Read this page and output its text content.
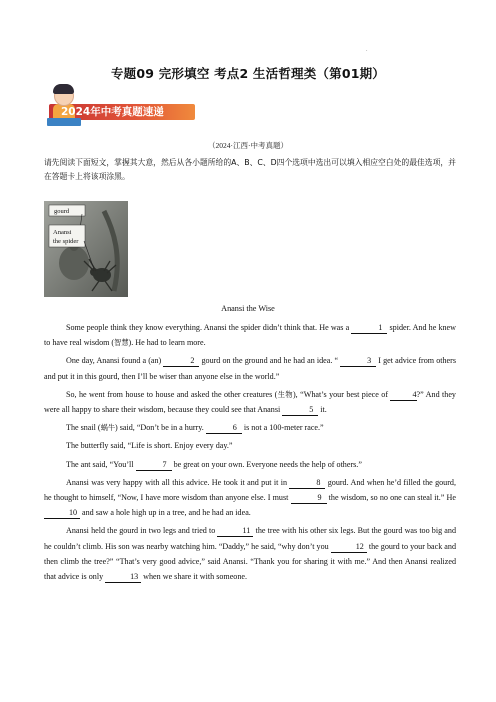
.
专题09 完形填空 考点2 生活哲理类（第01期）
2024年中考真题速递
（2024·江西·中考真题）
请先阅读下面短文，掌握其大意，然后从各小题所给的A、B、C、D四个选项中选出可以填入相应空白处的最佳选项，并在答题卡上将该项涂黑。
gourd
Anansi
the spider
Anansi the Wise

Some people think they know everything. Anansi the spider didn’t think that. He was a	1 spider. And he knew to have real wisdom (智慧). He had to learn more.

One day, Anansi found a (an)	2 gourd on the ground and he had an idea. “	3 I get advice from others and put it in this gourd, then I’ll be wiser than anyone else in the world.”

So, he went from house to house and asked the other creatures (生物), “What’s your best piece of	4?” And they were all happy to share their wisdom, because they could see that Anansi	5 it.

The snail (蜗牛) said, “Don’t be in a hurry.	6 is not a 100-meter race.”

The butterfly said, “Life is short. Enjoy every day.”

The ant said, “You’ll	7 be great on your own. Everyone needs the help of others.”

Anansi was very happy with all this advice. He took it and put it in	8 gourd. And when he’d filled the gourd, he thought to himself, “Now, I have more wisdom than anyone else. I must	9 the wisdom, so no one can steal it.” He 10 and saw a hole high up in a tree, and he had an idea.

Anansi held the gourd in two legs and tried to	11 the tree with his other six legs. But the gourd was too big and he couldn’t climb. His son was nearby watching him. “Daddy,” he said, “why don’t you	12 the gourd to your back and then climb the tree?” “That’s very good advice,” said Anansi. “Thank you for sharing it with me.” And then Anansi realized that advice is only	13 when we share it with someone.
